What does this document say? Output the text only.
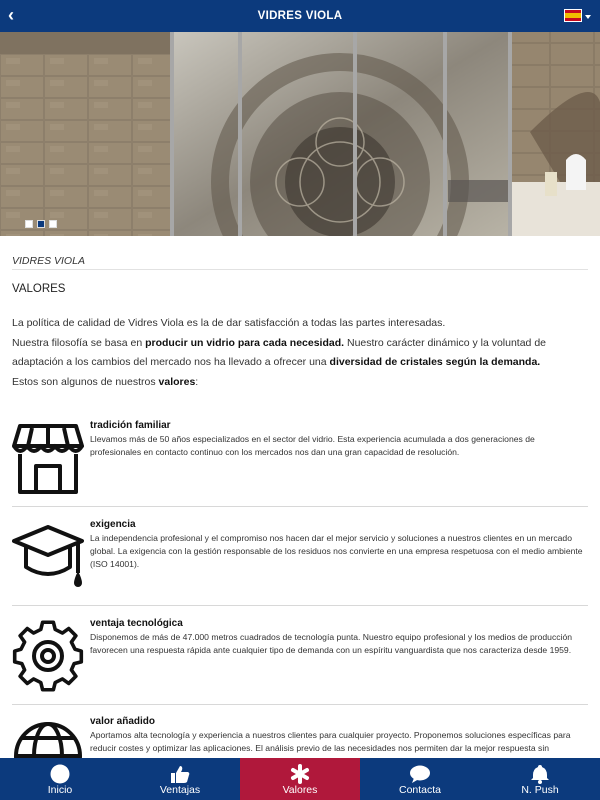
‹	VIDRES VIOLA
VIDRES VIOLA
VALORES
La política de calidad de Vidres Viola es la de dar satisfacción a todas las partes interesadas.
Nuestra filosofía se basa en producir un vidrio para cada necesidad. Nuestro carácter dinámico y la voluntad de adaptación a los cambios del mercado nos ha llevado a ofrecer una diversidad de cristales según la demanda.
Estos son algunos de nuestros valores:
tradición familiar
Llevamos más de 50 años especializados en el sector del vidrio. Esta experiencia acumulada a dos generaciones de profesionales en contacto continuo con los mercados nos dan una gran capacidad de resolución.
exigencia
La independencia profesional y el compromiso nos hacen dar el mejor servicio y soluciones a nuestros clientes en un mercado global. La exigencia con la gestión responsable de los residuos nos convierte en una empresa respetuosa con el medio ambiente (ISO 14001).
ventaja tecnológica
Disponemos de más de 47.000 metros cuadrados de tecnología punta. Nuestro equipo profesional y los medios de producción favorecen una respuesta rápida ante cualquier tipo de demanda con un espíritu vanguardista que nos caracteriza desde 1959.
valor añadido
Aportamos alta tecnología y experiencia a nuestros clientes para cualquier proyecto. Proponemos soluciones específicas para reducir costes y optimizar las aplicaciones. El análisis previo de las necesidades nos permiten dar la mejor respuesta sin
Inicio	Ventajas	Valores	Contacta	N. Push
